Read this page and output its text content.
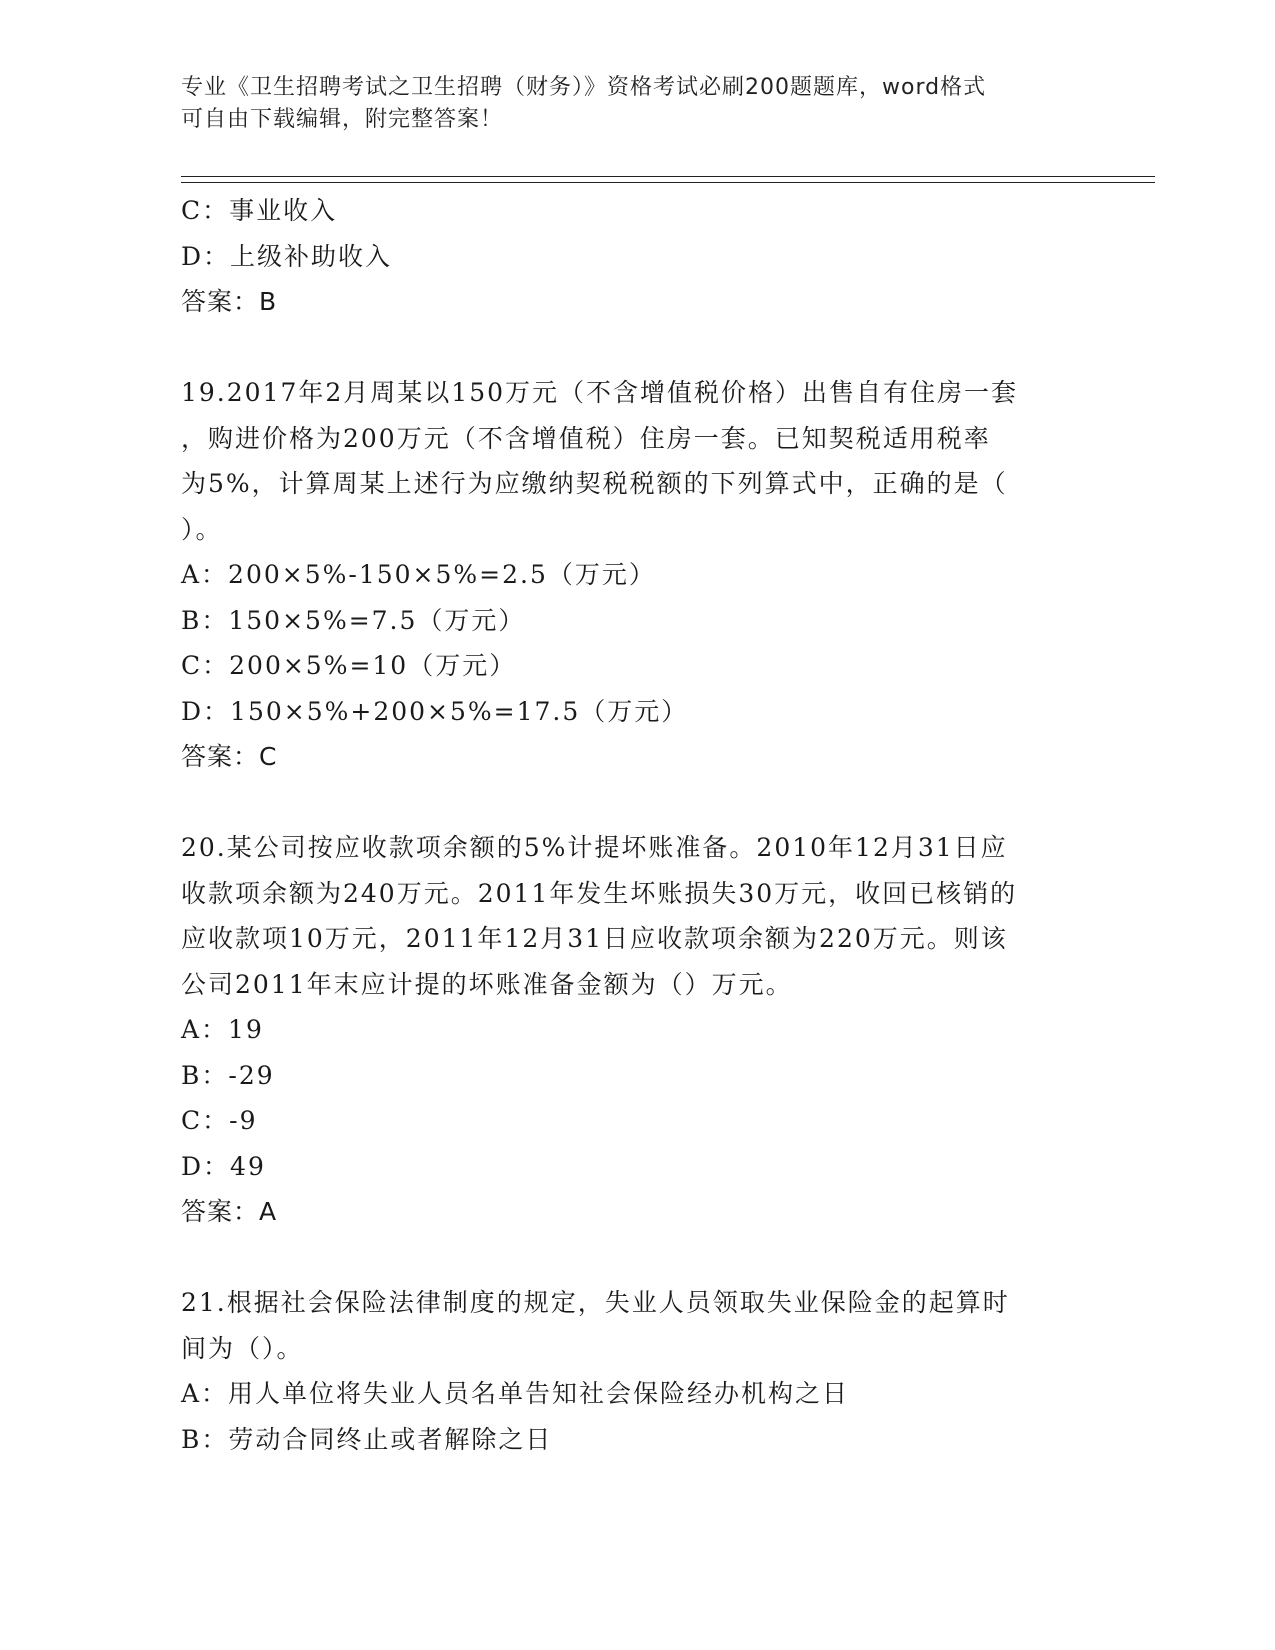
专业《卫生招聘考试之卫生招聘（财务）》资格考试必刷200题题库，word格式
可自由下载编辑，附完整答案！
C：事业收入
D：上级补助收入
答案：B
19.2017年2月周某以150万元（不含增值税价格）出售自有住房一套
，购进价格为200万元（不含增值税）住房一套。已知契税适用税率
为5%，计算周某上述行为应缴纳契税税额的下列算式中，正确的是（
）。
A：200×5%-150×5%=2.5（万元）
B：150×5%=7.5（万元）
C：200×5%=10（万元）
D：150×5%+200×5%=17.5（万元）
答案：C
20.某公司按应收款项余额的5%计提坏账准备。2010年12月31日应
收款项余额为240万元。2011年发生坏账损失30万元，收回已核销的
应收款项10万元，2011年12月31日应收款项余额为220万元。则该
公司2011年末应计提的坏账准备金额为（）万元。
A：19
B：-29
C：-9
D：49
答案：A
21.根据社会保险法律制度的规定，失业人员领取失业保险金的起算时
间为（）。
A：用人单位将失业人员名单告知社会保险经办机构之日
B：劳动合同终止或者解除之日
